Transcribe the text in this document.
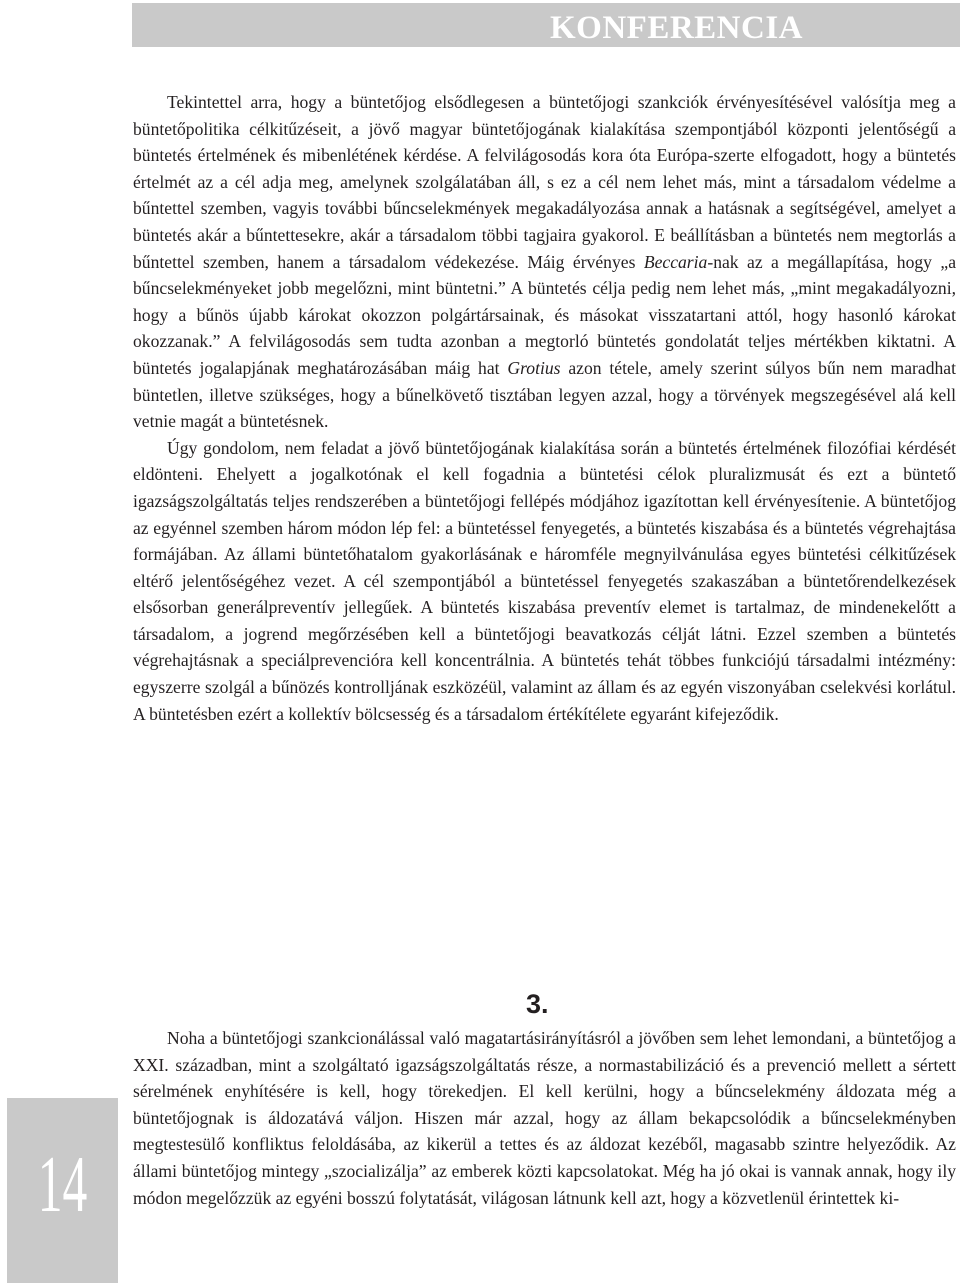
KONFERENCIA

Tekintettel arra, hogy a büntetőjog elsődlegesen a büntetőjogi szankciók érvényesítésével valósítja meg a büntetőpolitika célkitűzéseit, a jövő magyar büntetőjogának kialakítása szempontjából központi jelentőségű a büntetés értelmének és mibenlétének kérdése. A felvilágosodás kora óta Európa-szerte elfogadott, hogy a büntetés értelmét az a cél adja meg, amelynek szolgálatában áll, s ez a cél nem lehet más, mint a társadalom védelme a bűntettel szemben, vagyis további bűncselekmények megakadályozása annak a hatásnak a segítségével, amelyet a büntetés akár a bűntettesekre, akár a társadalom többi tagjaira gyakorol. E beállításban a büntetés nem megtorlás a bűntettel szemben, hanem a társadalom védekezése. Máig érvényes Beccaria-nak az a megállapítása, hogy „a bűncselekményeket jobb megelőzni, mint büntetni.” A büntetés célja pedig nem lehet más, „mint megakadályozni, hogy a bűnös újabb károkat okozzon polgártársainak, és másokat visszatartani attól, hogy hasonló károkat okozzanak.” A felvilágosodás sem tudta azonban a megtorló büntetés gondolatát teljes mértékben kiktatni. A büntetés jogalapjának meghatározásában máig hat Grotius azon tétele, amely szerint súlyos bűn nem maradhat büntetlen, illetve szükséges, hogy a bűnelkövető tisztában legyen azzal, hogy a törvények megszegésével alá kell vetnie magát a büntetésnek.

Úgy gondolom, nem feladat a jövő büntetőjogának kialakítása során a büntetés értelmének filozófiai kérdését eldönteni. Ehelyett a jogalkotónak el kell fogadnia a büntetési célok pluralizmusát és ezt a büntető igazságszolgáltatás teljes rendszerében a büntetőjogi fellépés módjához igazítottan kell érvényesítenie. A büntetőjog az egyénnel szemben három módon lép fel: a büntetéssel fenyegetés, a büntetés kiszabása és a büntetés végrehajtása formájában. Az állami büntetőhatalom gyakorlásának e háromféle megnyilvánulása egyes büntetési célkitűzések eltérő jelentőségéhez vezet. A cél szempontjából a büntetéssel fenyegetés szakaszában a büntetőrendelkezések elsősorban generálpreventív jellegűek. A büntetés kiszabása preventív elemet is tartalmaz, de mindenekelőtt a társadalom, a jogrend megőrzésében kell a büntetőjogi beavatkozás célját látni. Ezzel szemben a büntetés végrehajtásnak a speciálprevencióra kell koncentrálnia. A büntetés tehát többes funkciójú társadalmi intézmény: egyszerre szolgál a bűnözés kontrolljának eszközéül, valamint az állam és az egyén viszonyában cselekvési korlátul. A büntetésben ezért a kollektív bölcsesség és a társadalom értékítélete egyaránt kifejeződik.

3.

Noha a büntetőjogi szankcionálással való magatartásirányításról a jövőben sem lehet lemondani, a büntetőjog a XXI. században, mint a szolgáltató igazságszolgáltatás része, a normastabilizáció és a prevenció mellett a sértett sérelmének enyhítésére is kell, hogy törekedjen. El kell kerülni, hogy a bűncselekmény áldozata még a büntetőjognak is áldozatává váljon. Hiszen már azzal, hogy az állam bekapcsolódik a bűncselekményben megtestesülő konfliktus feloldásába, az kikerül a tettes és az áldozat kezéből, magasabb szintre helyeződik. Az állami büntetőjog mintegy „szocializálja” az emberek közti kapcsolatokat. Még ha jó okai is vannak annak, hogy ily módon megelőzzük az egyéni bosszú folytatását, világosan látnunk kell azt, hogy a közvetlenül érintettek ki-

14
